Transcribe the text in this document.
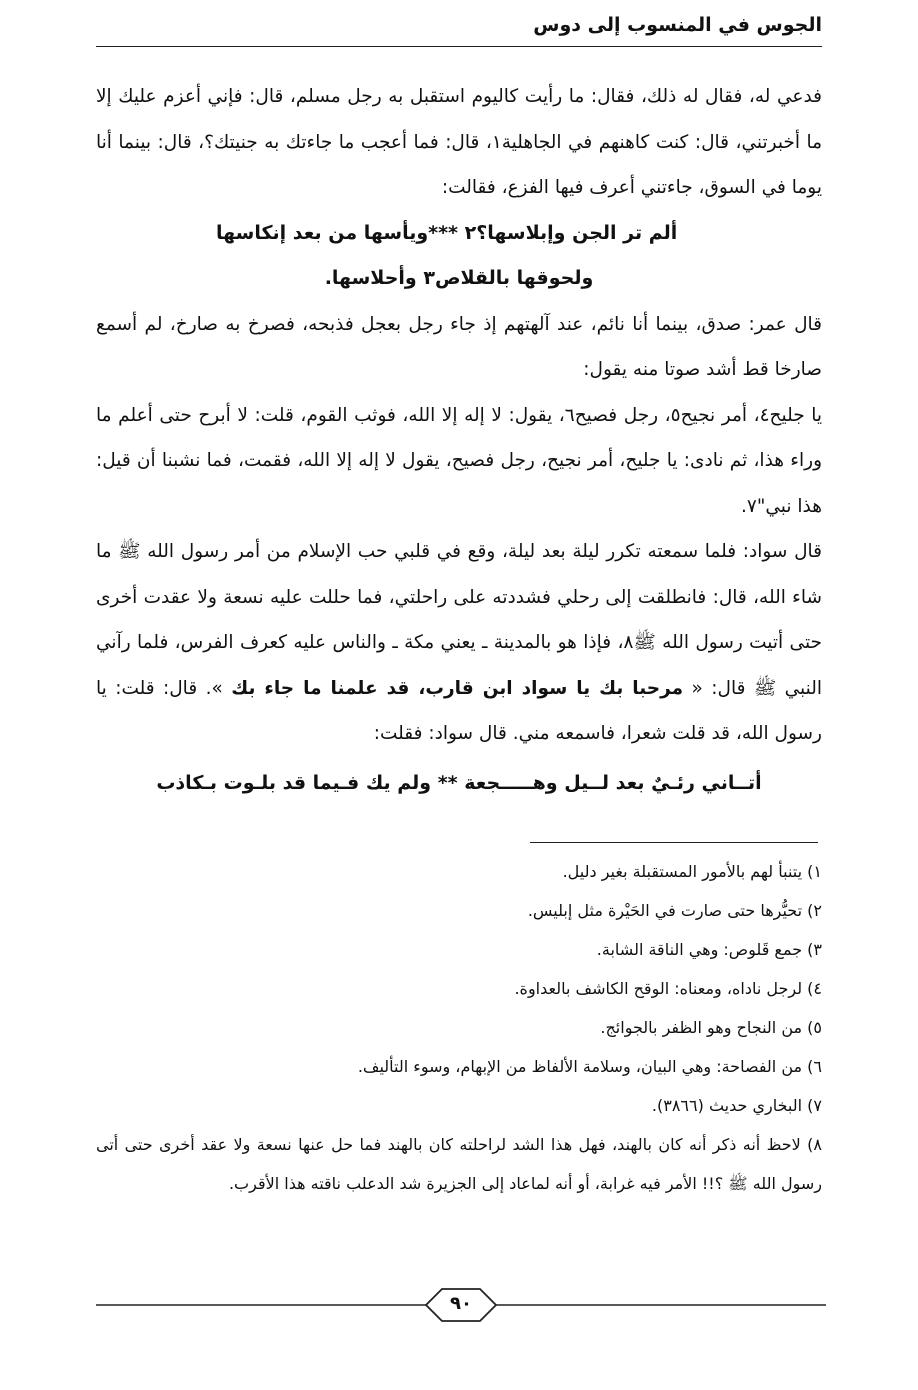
الجوس في المنسوب إلى دوس

فدعي له، فقال له ذلك، فقال: ما رأيت كاليوم استقبل به رجل مسلم، قال: فإني أعزم عليك إلا ما أخبرتني، قال: كنت كاهنهم في الجاهلية١، قال: فما أعجب ما جاءتك به جنيتك؟، قال: بينما أنا يوما في السوق، جاءتني أعرف فيها الفزع، فقالت:

ألم تر الجن وإبلاسها؟٢ ***ويأسها من بعد إنكاسها

ولحوقها بالقلاص٣ وأحلاسها.

قال عمر: صدق، بينما أنا نائم، عند آلهتهم إذ جاء رجل بعجل فذبحه، فصرخ به صارخ، لم أسمع صارخا قط أشد صوتا منه يقول:

يا جليح٤، أمر نجيح٥، رجل فصيح٦، يقول: لا إله إلا الله، فوثب القوم، قلت: لا أبرح حتى أعلم ما وراء هذا، ثم نادى: يا جليح، أمر نجيح، رجل فصيح، يقول لا إله إلا الله، فقمت، فما نشبنا أن قيل: هذا نبي"٧.

قال سواد: فلما سمعته تكرر ليلة بعد ليلة، وقع في قلبي حب الإسلام من أمر رسول الله ﷺ ما شاء الله، قال: فانطلقت إلى رحلي فشددته على راحلتي، فما حللت عليه نسعة ولا عقدت أخرى حتى أتيت رسول الله ﷺ٨، فإذا هو بالمدينة ـ يعني مكة ـ والناس عليه كعرف الفرس، فلما رآني النبي ﷺ قال: « مرحبا بك يا سواد ابن قارب، قد علمنا ما جاء بك ». قال: قلت: يا رسول الله، قد قلت شعرا، فاسمعه مني. قال سواد: فقلت:

أتــاني رئـيٌ بعد لــيل وهـــــجعة ** ولم يك فـيما قد بلـوت بـكاذب

١) يتنبأ لهم بالأمور المستقبلة بغير دليل.

٢) تحيُّرها حتى صارت في الحَيْرة مثل إبليس.

٣) جمع قَلوص: وهي الناقة الشابة.

٤) لرجل ناداه، ومعناه: الوقح الكاشف بالعداوة.

٥) من النجاح وهو الظفر بالجوائج.

٦) من الفصاحة: وهي البيان، وسلامة الألفاظ من الإبهام، وسوء التأليف.

٧) البخاري حديث (٣٨٦٦).

٨) لاحظ أنه ذكر أنه كان بالهند، فهل هذا الشد لراحلته كان بالهند فما حل عنها نسعة ولا عقد أخرى حتى أتى رسول الله ﷺ ؟!! الأمر فيه غرابة، أو أنه لماعاد إلى الجزيرة شد الدعلب ناقته هذا الأقرب.

٩٠
